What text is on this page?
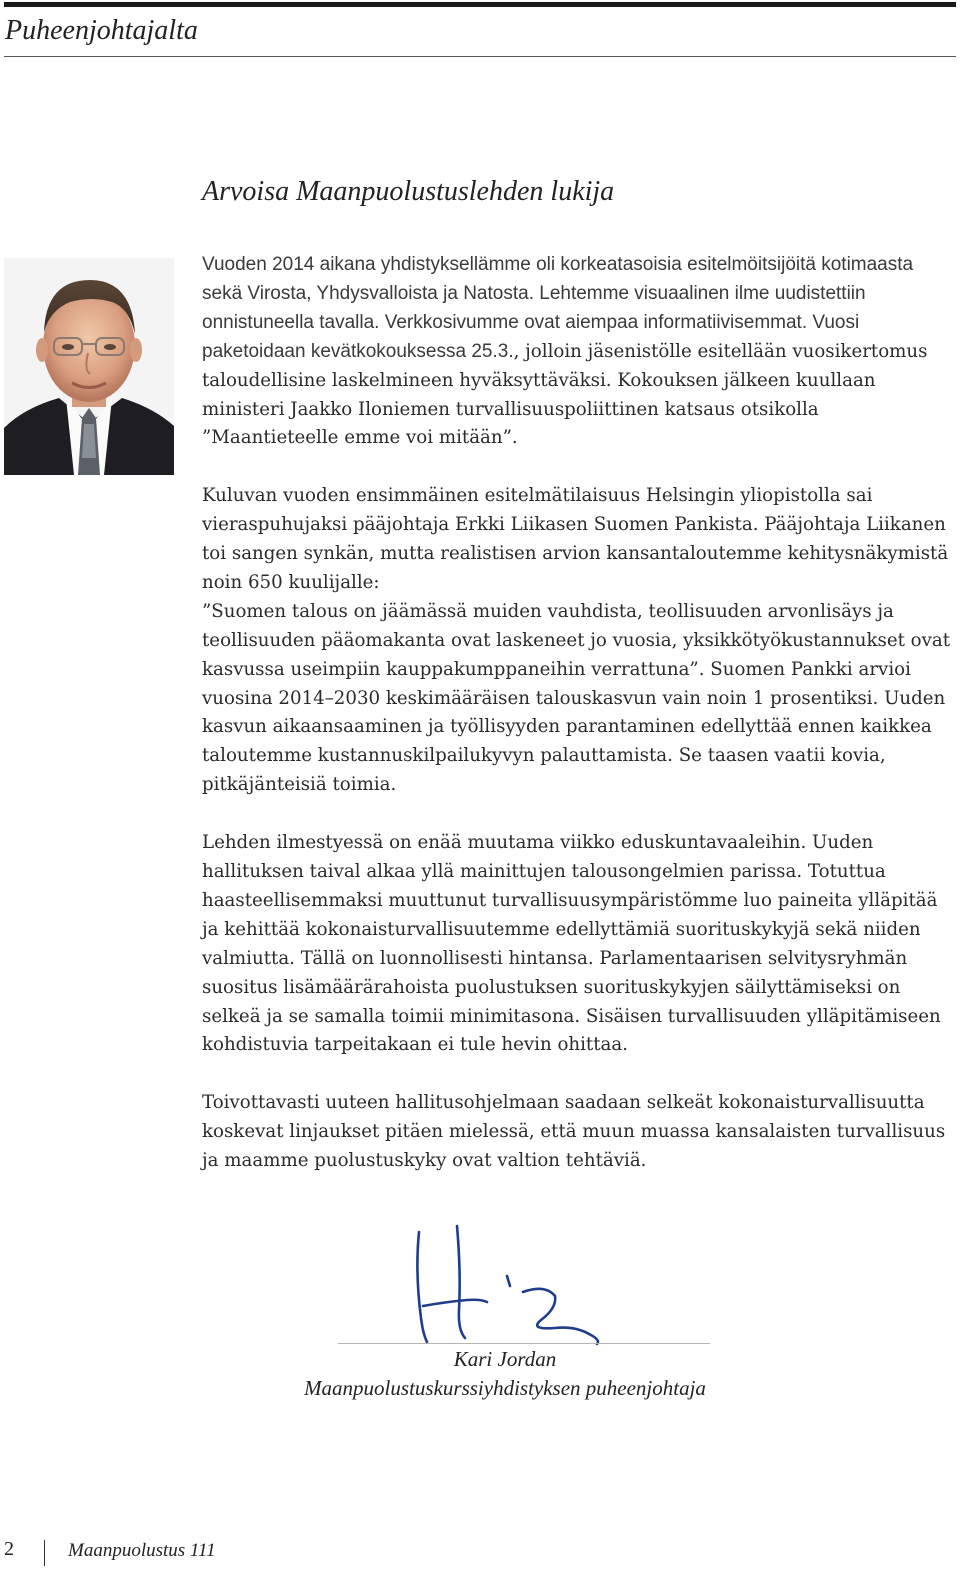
Puheenjohtajalta
Arvoisa Maanpuolustuslehden lukija

Vuoden 2014 aikana yhdistyksellämme oli korkeatasoisia esitelmöitsijöitä kotimaasta sekä Virosta, Yhdysvalloista ja Natosta. Lehtemme visuaalinen ilme uudistettiin onnistuneella tavalla. Verkkosivumme ovat aiempaa informatiivisemmat. Vuosi paketoidaan kevätkokouksessa 25.3., jolloin jäsenistölle esitellään vuosikertomus taloudellisine laskelmineen hyväksyttäväksi. Kokouksen jälkeen kuullaan ministeri Jaakko Iloniemen turvallisuuspoliittinen katsaus otsikolla ”Maantieteelle emme voi mitään”.

Kuluvan vuoden ensimmäinen esitelmätilaisuus Helsingin yliopistolla sai vieraspuhujaksi pääjohtaja Erkki Liikasen Suomen Pankista. Pääjohtaja Liikanen toi sangen synkän, mutta realistisen arvion kansantaloutemme kehitysnäkymistä noin 650 kuulijalle:
”Suomen talous on jäämässä muiden vauhdista, teollisuuden arvonlisäys ja teollisuuden pääomakanta ovat laskeneet jo vuosia, yksikkötyökustannukset ovat kasvussa useimpiin kauppakumppaneihin verrattuna”. Suomen Pankki arvioi vuosina 2014–2030 keskimääräisen talouskasvun vain noin 1 prosentiksi. Uuden kasvun aikaansaaminen ja työllisyyden parantaminen edellyttää ennen kaikkea taloutemme kustannuskilpailukyvyn palauttamista. Se taasen vaatii kovia, pitkäjänteisiä toimia.

Lehden ilmestyessä on enää muutama viikko eduskuntavaaleihin. Uuden hallituksen taival alkaa yllä mainittujen talousongelmien parissa. Totuttua haasteellisemmaksi muuttunut turvallisuusympäristömme luo paineita ylläpitää ja kehittää kokonaisturvallisuutemme edellyttämiä suorituskykyjä sekä niiden valmiutta. Tällä on luonnollisesti hintansa. Parlamentaarisen selvitysryhmän suositus lisämäärärahoista puolustuksen suorituskykyjen säilyttämiseksi on selkeä ja se samalla toimii minimitasona. Sisäisen turvallisuuden ylläpitämiseen kohdistuvia tarpeitakaan ei tule hevin ohittaa.

Toivottavasti uuteen hallitusohjelmaan saadaan selkeät kokonaisturvallisuutta koskevat linjaukset pitäen mielessä, että muun muassa kansalaisten turvallisuus ja maamme puolustuskyky ovat valtion tehtäviä.

Kari Jordan
Maanpuolustuskurssiyhdistyksen puheenjohtaja
2	Maanpuolustus 111
